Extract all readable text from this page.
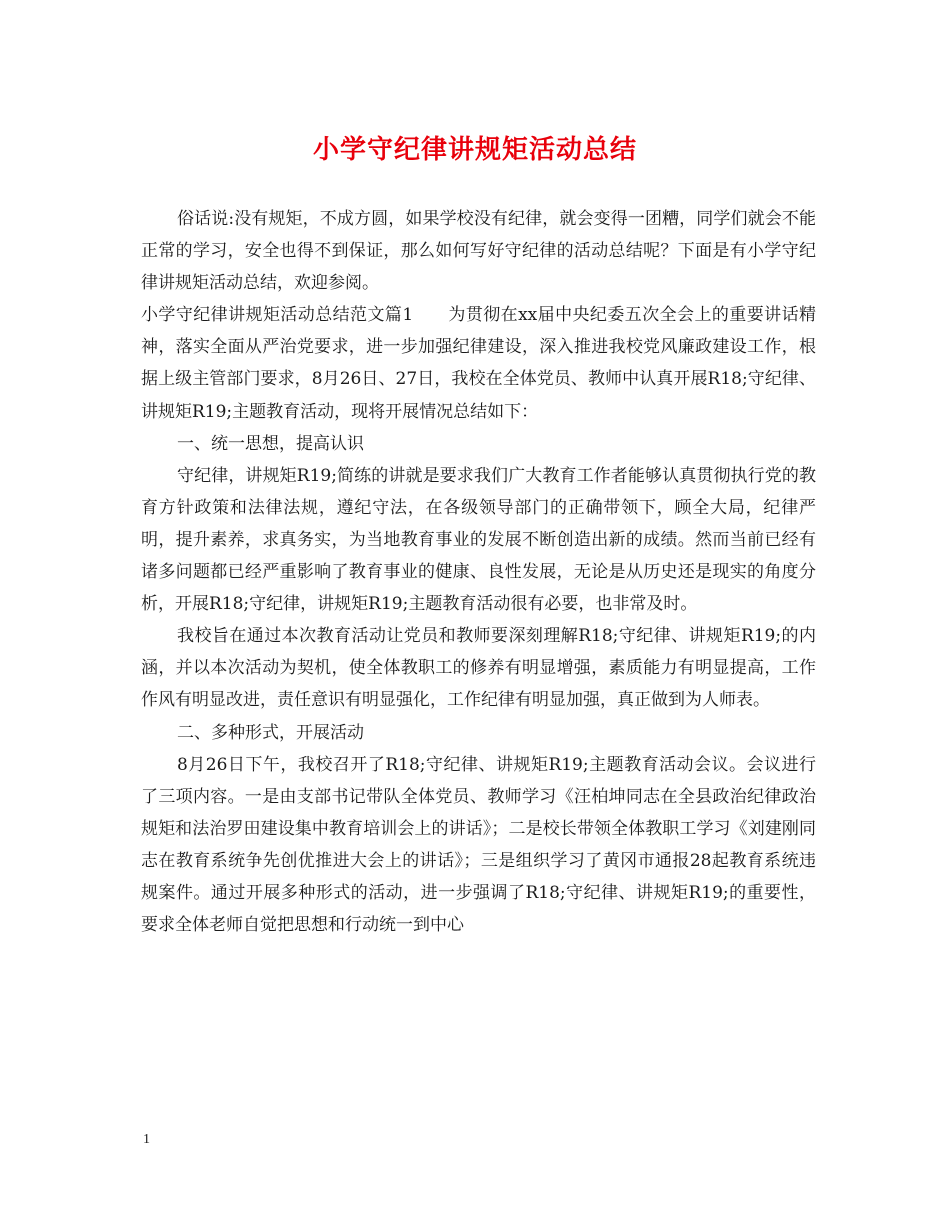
小学守纪律讲规矩活动总结

俗话说:没有规矩，不成方圆，如果学校没有纪律，就会变得一团糟，同学们就会不能正常的学习，安全也得不到保证，那么如何写好守纪律的活动总结呢？下面是有小学守纪律讲规矩活动总结，欢迎参阅。

小学守纪律讲规矩活动总结范文篇1　　为贯彻在xx届中央纪委五次全会上的重要讲话精神，落实全面从严治党要求，进一步加强纪律建设，深入推进我校党风廉政建设工作，根据上级主管部门要求，8月26日、27日，我校在全体党员、教师中认真开展R18;守纪律、讲规矩R19;主题教育活动，现将开展情况总结如下：

一、统一思想，提高认识

守纪律，讲规矩R19;简练的讲就是要求我们广大教育工作者能够认真贯彻执行党的教育方针政策和法律法规，遵纪守法，在各级领导部门的正确带领下，顾全大局，纪律严明，提升素养，求真务实，为当地教育事业的发展不断创造出新的成绩。然而当前已经有诸多问题都已经严重影响了教育事业的健康、良性发展，无论是从历史还是现实的角度分析，开展R18;守纪律，讲规矩R19;主题教育活动很有必要，也非常及时。

我校旨在通过本次教育活动让党员和教师要深刻理解R18;守纪律、讲规矩R19;的内涵，并以本次活动为契机，使全体教职工的修养有明显增强，素质能力有明显提高，工作作风有明显改进，责任意识有明显强化，工作纪律有明显加强，真正做到为人师表。

二、多种形式，开展活动

8月26日下午，我校召开了R18;守纪律、讲规矩R19;主题教育活动会议。会议进行了三项内容。一是由支部书记带队全体党员、教师学习《汪柏坤同志在全县政治纪律政治规矩和法治罗田建设集中教育培训会上的讲话》；二是校长带领全体教职工学习《刘建刚同志在教育系统争先创优推进大会上的讲话》；三是组织学习了黄冈市通报28起教育系统违规案件。通过开展多种形式的活动，进一步强调了R18;守纪律、讲规矩R19;的重要性，要求全体老师自觉把思想和行动统一到中心

1
